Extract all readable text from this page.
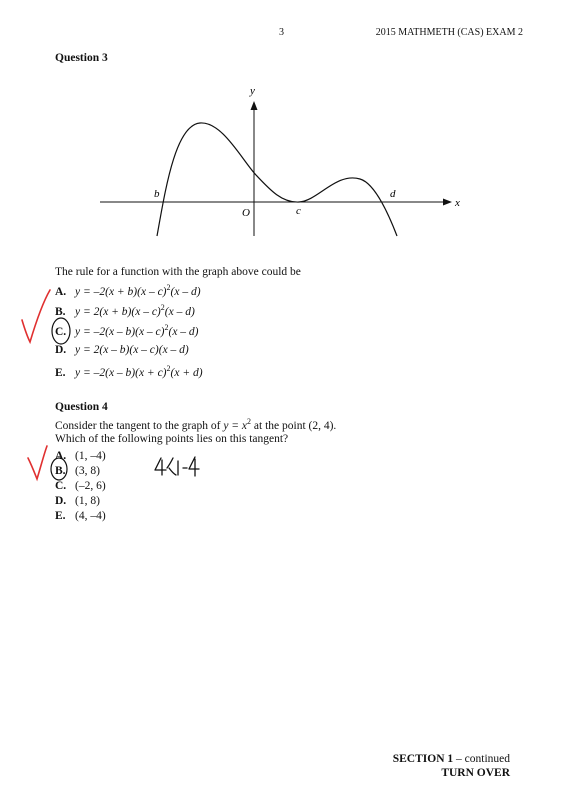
3	2015 MATHMETH (CAS) EXAM 2
Question 3
y
x
O
b
c
d
The rule for a function with the graph above could be
A. y = –2(x + b)(x – c)$^2$(x – d)
B. y = 2(x + b)(x – c)$^2$(x – d)
C. y = –2(x – b)(x – c)$^2$(x – d)
D. y = 2(x – b)(x – c)(x – d)
E. $y = -2(x - b)(x + c)^2(x + d)$
Question 4
Consider the tangent to the graph of $y = x^2$ at the point (2, 4).
Which of the following points lies on this tangent?
A. (1, –4)
B. (3, 8)
C. (–2, 6)
D. (1, 8)
E. (4, –4)
SECTION 1 – continued
TURN OVER
